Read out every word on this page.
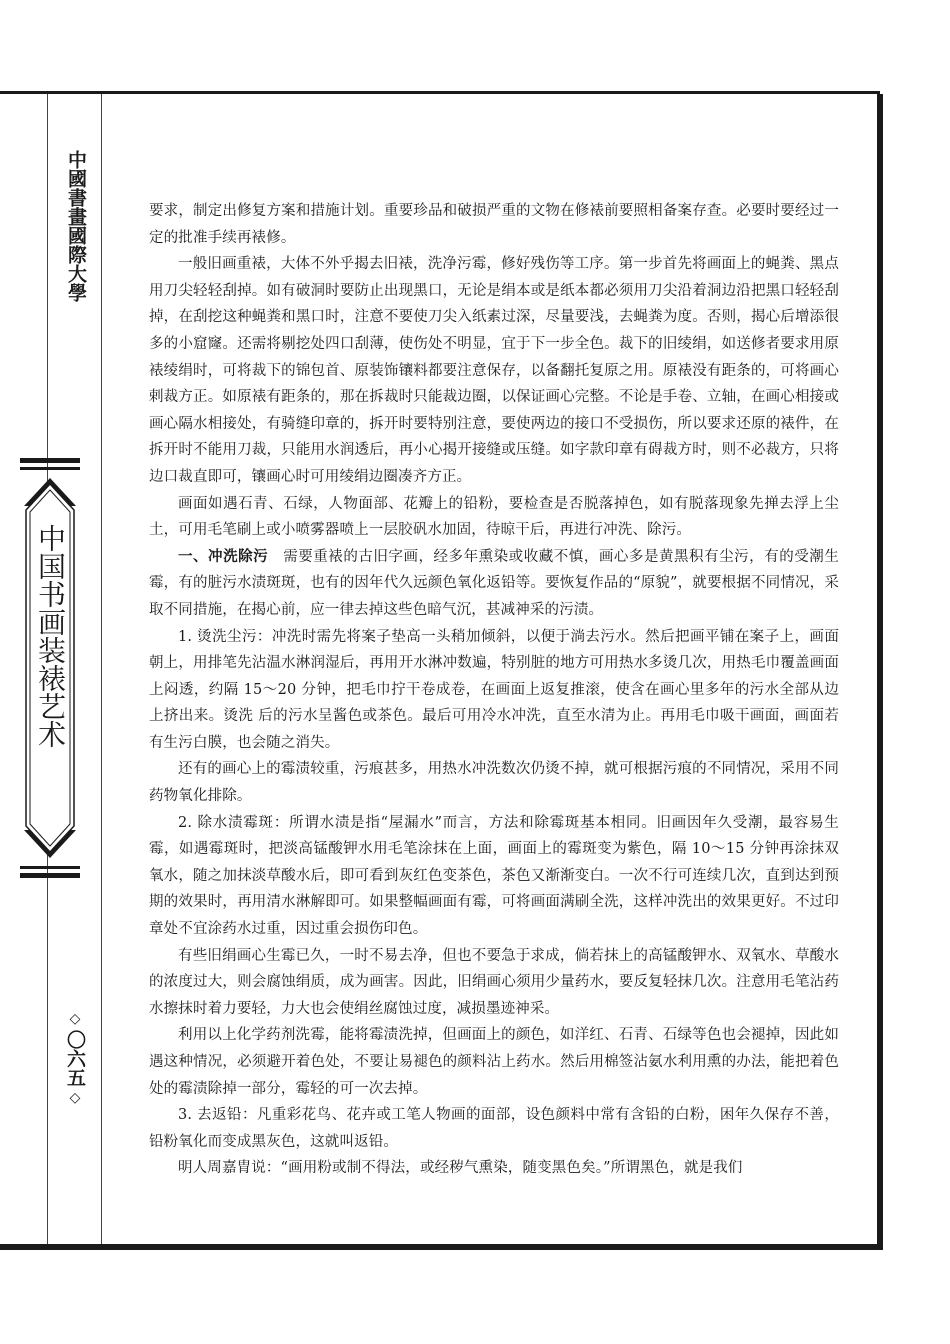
中國書畫國際大學
中国书画装裱艺术
◇
〇六五
◇

要求，制定出修复方案和措施计划。重要珍品和破损严重的文物在修裱前要照相备案存查。必要时要经过一定的批准手续再裱修。

一般旧画重裱，大体不外乎揭去旧裱，洗净污霉，修好残伤等工序。第一步首先将画面上的蝇粪、黑点用刀尖轻轻刮掉。如有破洞时要防止出现黑口，无论是绢本或是纸本都必须用刀尖沿着洞边沿把黑口轻轻刮掉，在刮挖这种蝇粪和黑口时，注意不要使刀尖入纸素过深，尽量要浅，去蝇粪为度。否则，揭心后增添很多的小窟窿。还需将剔挖处四口刮薄，使伤处不明显，宜于下一步全色。裁下的旧绫绢，如送修者要求用原裱绫绢时，可将裁下的锦包首、原装饰镶料都要注意保存，以备翻托复原之用。原裱没有距条的，可将画心剌裁方正。如原裱有距条的，那在拆裁时只能裁边圈，以保证画心完整。不论是手卷、立轴，在画心相接或画心隔水相接处，有骑缝印章的，拆开时要特别注意，要使两边的接口不受损伤，所以要求还原的裱件，在拆开时不能用刀裁，只能用水润透后，再小心揭开接缝或压缝。如字款印章有碍裁方时，则不必裁方，只将边口裁直即可，镶画心时可用绫绢边圈凑齐方正。

画面如遇石青、石绿，人物面部、花瓣上的铅粉，要检查是否脱落掉色，如有脱落现象先掸去浮上尘土，可用毛笔刷上或小喷雾器喷上一层胶矾水加固，待晾干后，再进行冲洗、除污。

一、冲洗除污　需要重裱的古旧字画，经多年熏染或收藏不慎，画心多是黄黑积有尘污，有的受潮生霉，有的脏污水渍斑斑，也有的因年代久远颜色氧化返铅等。要恢复作品的“原貌”，就要根据不同情况，采取不同措施，在揭心前，应一律去掉这些色暗气沉，甚减神采的污渍。

1. 烫洗尘污：冲洗时需先将案子垫高一头稍加倾斜，以便于淌去污水。然后把画平铺在案子上，画面朝上，用排笔先沾温水淋润湿后，再用开水淋冲数遍，特别脏的地方可用热水多烫几次，用热毛巾覆盖画面上闷透，约隔 15～20 分钟，把毛巾拧干卷成卷，在画面上返复推滚，使含在画心里多年的污水全部从边上挤出来。烫洗 后的污水呈酱色或茶色。最后可用冷水冲洗，直至水清为止。再用毛巾吸干画面，画面若有生污白膜，也会随之消失。

还有的画心上的霉渍较重，污痕甚多，用热水冲洗数次仍烫不掉，就可根据污痕的不同情况，采用不同药物氧化排除。

2. 除水渍霉斑：所谓水渍是指“屋漏水”而言，方法和除霉斑基本相同。旧画因年久受潮，最容易生霉，如遇霉斑时，把淡高锰酸钾水用毛笔涂抹在上面，画面上的霉斑变为紫色，隔 10～15 分钟再涂抹双氧水，随之加抹淡草酸水后，即可看到灰红色变茶色，茶色又渐渐变白。一次不行可连续几次，直到达到预期的效果时，再用清水淋解即可。如果整幅画面有霉，可将画面满刷全洗，这样冲洗出的效果更好。不过印章处不宜涂药水过重，因过重会损伤印色。

有些旧绢画心生霉已久，一时不易去净，但也不要急于求成，倘若抹上的高锰酸钾水、双氧水、草酸水的浓度过大，则会腐蚀绢质，成为画害。因此，旧绢画心须用少量药水，要反复轻抹几次。注意用毛笔沾药水擦抹时着力要轻，力大也会使绢丝腐蚀过度，减损墨迹神采。

利用以上化学药剂洗霉，能将霉渍洗掉，但画面上的颜色，如洋红、石青、石绿等色也会褪掉，因此如遇这种情况，必须避开着色处，不要让易褪色的颜料沾上药水。然后用棉签沾氨水利用熏的办法，能把着色处的霉渍除掉一部分，霉轻的可一次去掉。

3. 去返铅：凡重彩花鸟、花卉或工笔人物画的面部，设色颜料中常有含铅的白粉，困年久保存不善，铅粉氧化而变成黑灰色，这就叫返铅。

明人周嘉胄说：“画用粉或制不得法，或经秽气熏染，随变黑色矣。”所谓黑色，就是我们
